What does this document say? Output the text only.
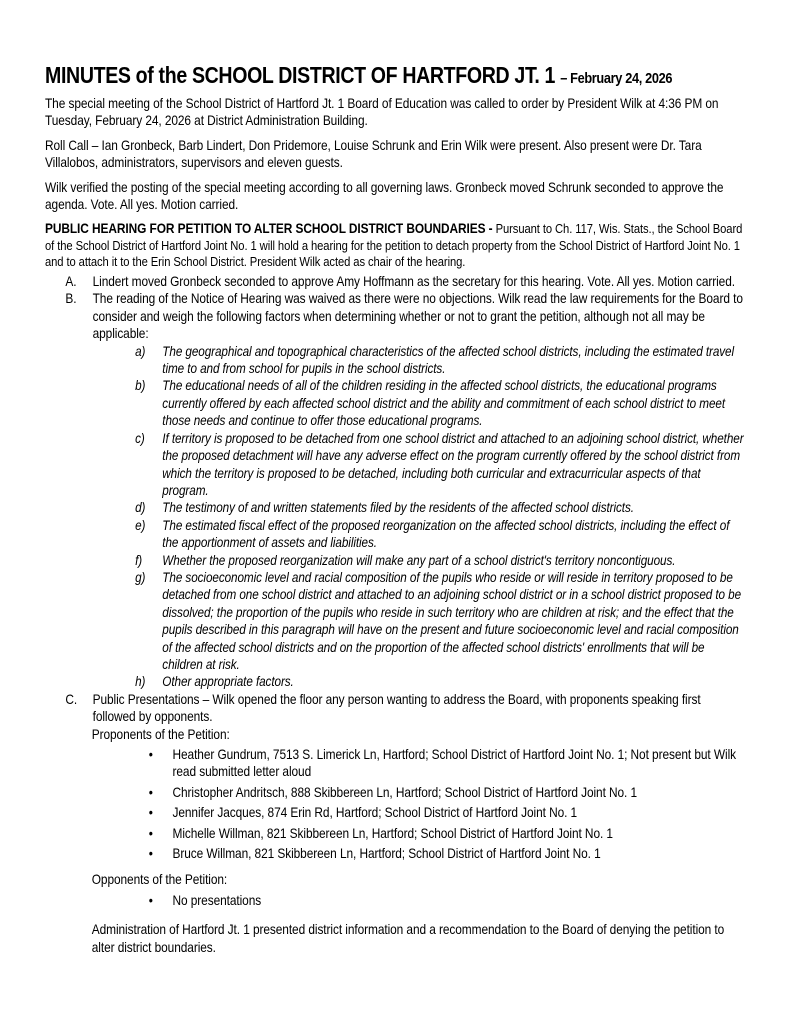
MINUTES of the SCHOOL DISTRICT OF HARTFORD JT. 1 – February 24, 2026

The special meeting of the School District of Hartford Jt. 1 Board of Education was called to order by President Wilk at 4:36 PM on Tuesday, February 24, 2026 at District Administration Building.

Roll Call – Ian Gronbeck, Barb Lindert, Don Pridemore, Louise Schrunk and Erin Wilk were present. Also present were Dr. Tara Villalobos, administrators, supervisors and eleven guests.

Wilk verified the posting of the special meeting according to all governing laws. Gronbeck moved Schrunk seconded to approve the agenda. Vote. All yes. Motion carried.

PUBLIC HEARING FOR PETITION TO ALTER SCHOOL DISTRICT BOUNDARIES - Pursuant to Ch. 117, Wis. Stats., the School Board of the School District of Hartford Joint No. 1 will hold a hearing for the petition to detach property from the School District of Hartford Joint No. 1 and to attach it to the Erin School District. President Wilk acted as chair of the hearing.

A.	Lindert moved Gronbeck seconded to approve Amy Hoffmann as the secretary for this hearing. Vote. All yes. Motion carried.
B.	The reading of the Notice of Hearing was waived as there were no objections. Wilk read the law requirements for the Board to consider and weigh the following factors when determining whether or not to grant the petition, although not all may be applicable:
a)	The geographical and topographical characteristics of the affected school districts, including the estimated travel time to and from school for pupils in the school districts.
b)	The educational needs of all of the children residing in the affected school districts, the educational programs currently offered by each affected school district and the ability and commitment of each school district to meet those needs and continue to offer those educational programs.
c)	If territory is proposed to be detached from one school district and attached to an adjoining school district, whether the proposed detachment will have any adverse effect on the program currently offered by the school district from which the territory is proposed to be detached, including both curricular and extracurricular aspects of that program.
d)	The testimony of and written statements filed by the residents of the affected school districts.
e)	The estimated fiscal effect of the proposed reorganization on the affected school districts, including the effect of the apportionment of assets and liabilities.
f)	Whether the proposed reorganization will make any part of a school district's territory noncontiguous.
g)	The socioeconomic level and racial composition of the pupils who reside or will reside in territory proposed to be detached from one school district and attached to an adjoining school district or in a school district proposed to be dissolved; the proportion of the pupils who reside in such territory who are children at risk; and the effect that the pupils described in this paragraph will have on the present and future socioeconomic level and racial composition of the affected school districts and on the proportion of the affected school districts' enrollments that will be children at risk.
h)	Other appropriate factors.
C.	Public Presentations – Wilk opened the floor any person wanting to address the Board, with proponents speaking first followed by opponents.
Proponents of the Petition:
•	Heather Gundrum, 7513 S. Limerick Ln, Hartford; School District of Hartford Joint No. 1; Not present but Wilk read submitted letter aloud
•	Christopher Andritsch, 888 Skibbereen Ln, Hartford; School District of Hartford Joint No. 1
•	Jennifer Jacques, 874 Erin Rd, Hartford; School District of Hartford Joint No. 1
•	Michelle Willman, 821 Skibbereen Ln, Hartford; School District of Hartford Joint No. 1
•	Bruce Willman, 821 Skibbereen Ln, Hartford; School District of Hartford Joint No. 1
Opponents of the Petition:
•	No presentations
Administration of Hartford Jt. 1 presented district information and a recommendation to the Board of denying the petition to alter district boundaries.
